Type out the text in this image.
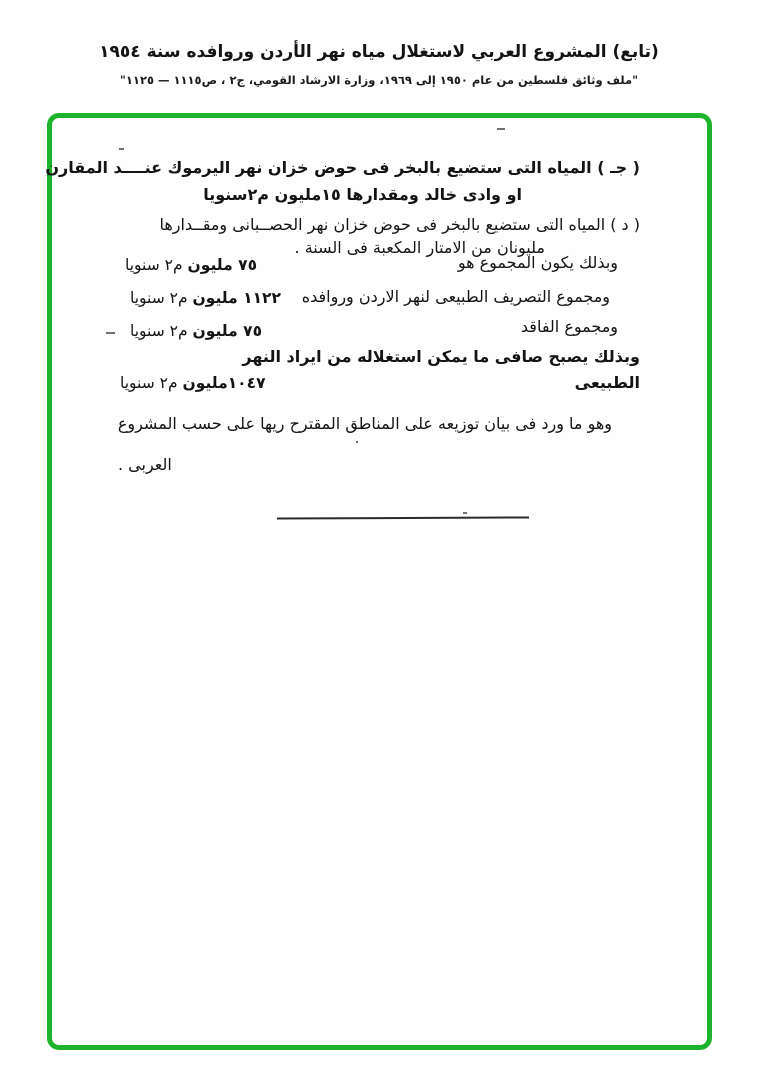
(تابع) المشروع العربي لاستغلال مياه نهر الأردن وروافده سنة ١٩٥٤
"ملف وثائق فلسطين من عام ١٩٥٠ إلى ١٩٦٩، وزارة الارشاد القومي، ج٢ ، ص١١١٥ — ١١٢٥"
( جـ ) المياه التى ستضيع بالبخر فى حوض خزان نهر اليرموك عنــــد المقارن
او وادى خالد ومقدارها ١٥مليون م٢سنويا
( د ) المياه التى ستضيع بالبخر فى حوض خزان نهر الحصــبانى ومقــدارها
مليونان من الامتار المكعبة فى السنة .
وبذلك يكون المجموع هو
٧٥ مليون م٢ سنويا
ومجموع التصريف الطبيعى لنهر الاردن وروافده
١١٢٢ مليون م٢ سنويا
ومجموع الفاقد
٧٥ مليون م٢ سنويا
وبذلك يصبح صافى ما يمكن استغلاله من ايراد النهر
الطبيعى
١٠٤٧مليون م٢ سنويا
وهو ما ورد فى بيان توزيعه على المناطق المقترح ريها على حسب المشروع
العربى .
